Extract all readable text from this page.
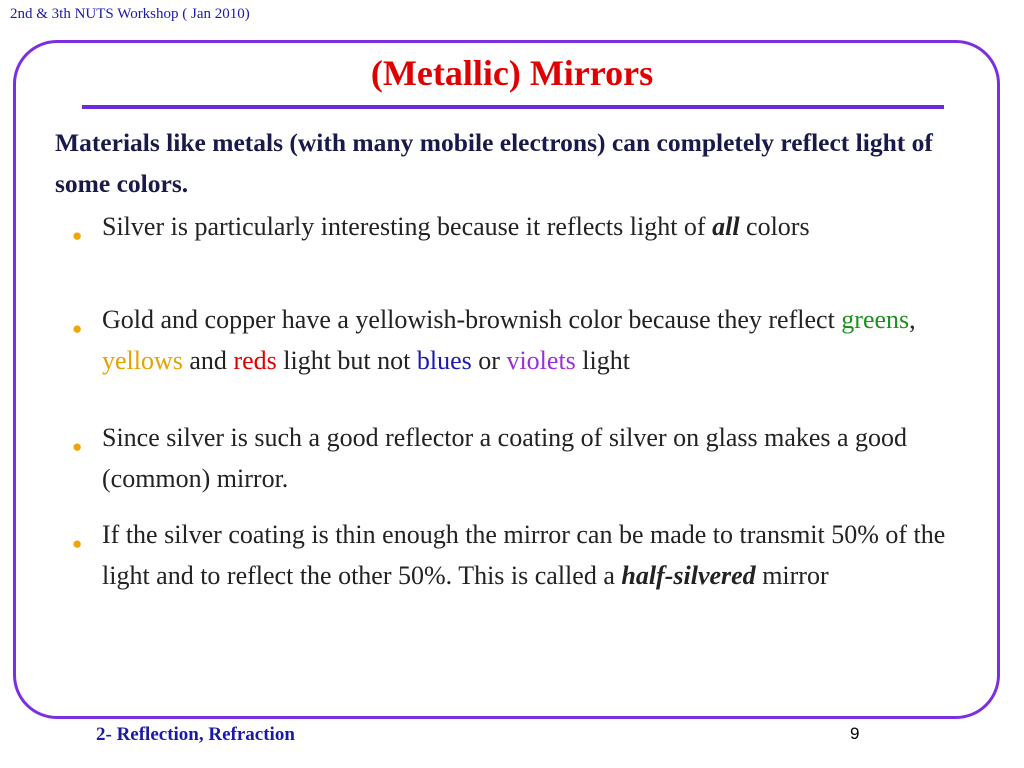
2nd & 3th NUTS Workshop ( Jan 2010)
(Metallic) Mirrors
Materials like metals (with many mobile electrons) can completely reflect light of some colors.
● Silver is particularly interesting because it reflects light of all colors
● Gold and copper have a yellowish-brownish color because they reflect greens, yellows and reds light but not blues or violets light
● Since silver is such a good reflector a coating of silver on glass makes a good (common) mirror.
● If the silver coating is thin enough the mirror can be made to transmit 50% of the light and to reflect the other 50%. This is called a half-silvered mirror
2- Reflection, Refraction	9
